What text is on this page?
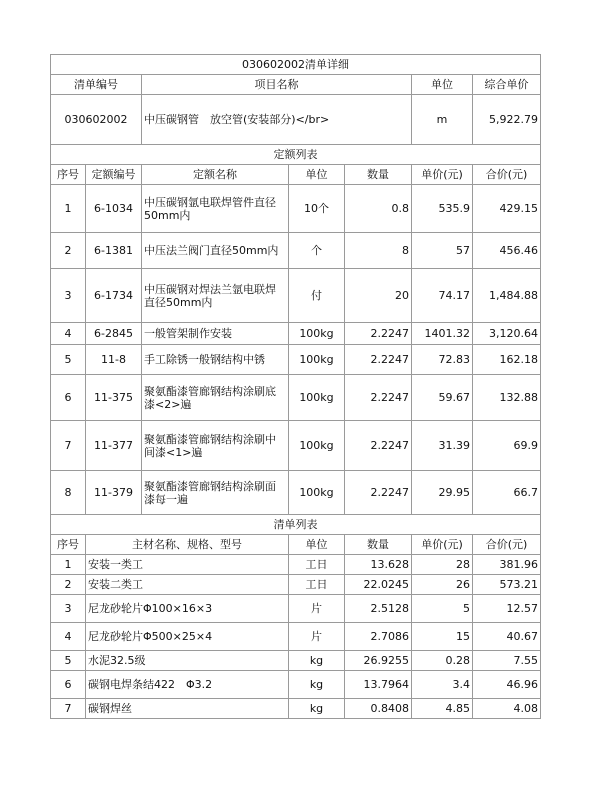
030602002清单详细						
清单编号		项目名称			单位	综合单价
030602002		中压碳钢管　放空管(安装部分)</br>			m	5,922.79
定额列表						
序号	定额编号	定额名称	单位	数量	单价(元)	合价(元)
1	6-1034	中压碳钢氩电联焊管件直径50mm内	10个	0.8	535.9	429.15
2	6-1381	中压法兰阀门直径50mm内	个	8	57	456.46
3	6-1734	中压碳钢对焊法兰氩电联焊直径50mm内	付	20	74.17	1,484.88
4	6-2845	一般管架制作安装	100kg	2.2247	1401.32	3,120.64
5	11-8	手工除锈一般钢结构中锈	100kg	2.2247	72.83	162.18
6	11-375	聚氨酯漆管廊钢结构涂刷底漆<2>遍	100kg	2.2247	59.67	132.88
7	11-377	聚氨酯漆管廊钢结构涂刷中间漆<1>遍	100kg	2.2247	31.39	69.9
8	11-379	聚氨酯漆管廊钢结构涂刷面漆每一遍	100kg	2.2247	29.95	66.7
清单列表						
序号	主材名称、规格、型号		单位	数量	单价(元)	合价(元)
1	安装一类工		工日	13.628	28	381.96
2	安装二类工		工日	22.0245	26	573.21
3	尼龙砂轮片Φ100×16×3		片	2.5128	5	12.57
4	尼龙砂轮片Φ500×25×4		片	2.7086	15	40.67
5	水泥32.5级		kg	26.9255	0.28	7.55
6	碳钢电焊条结422　Φ3.2		kg	13.7964	3.4	46.96
7	碳钢焊丝		kg	0.8408	4.85	4.08
